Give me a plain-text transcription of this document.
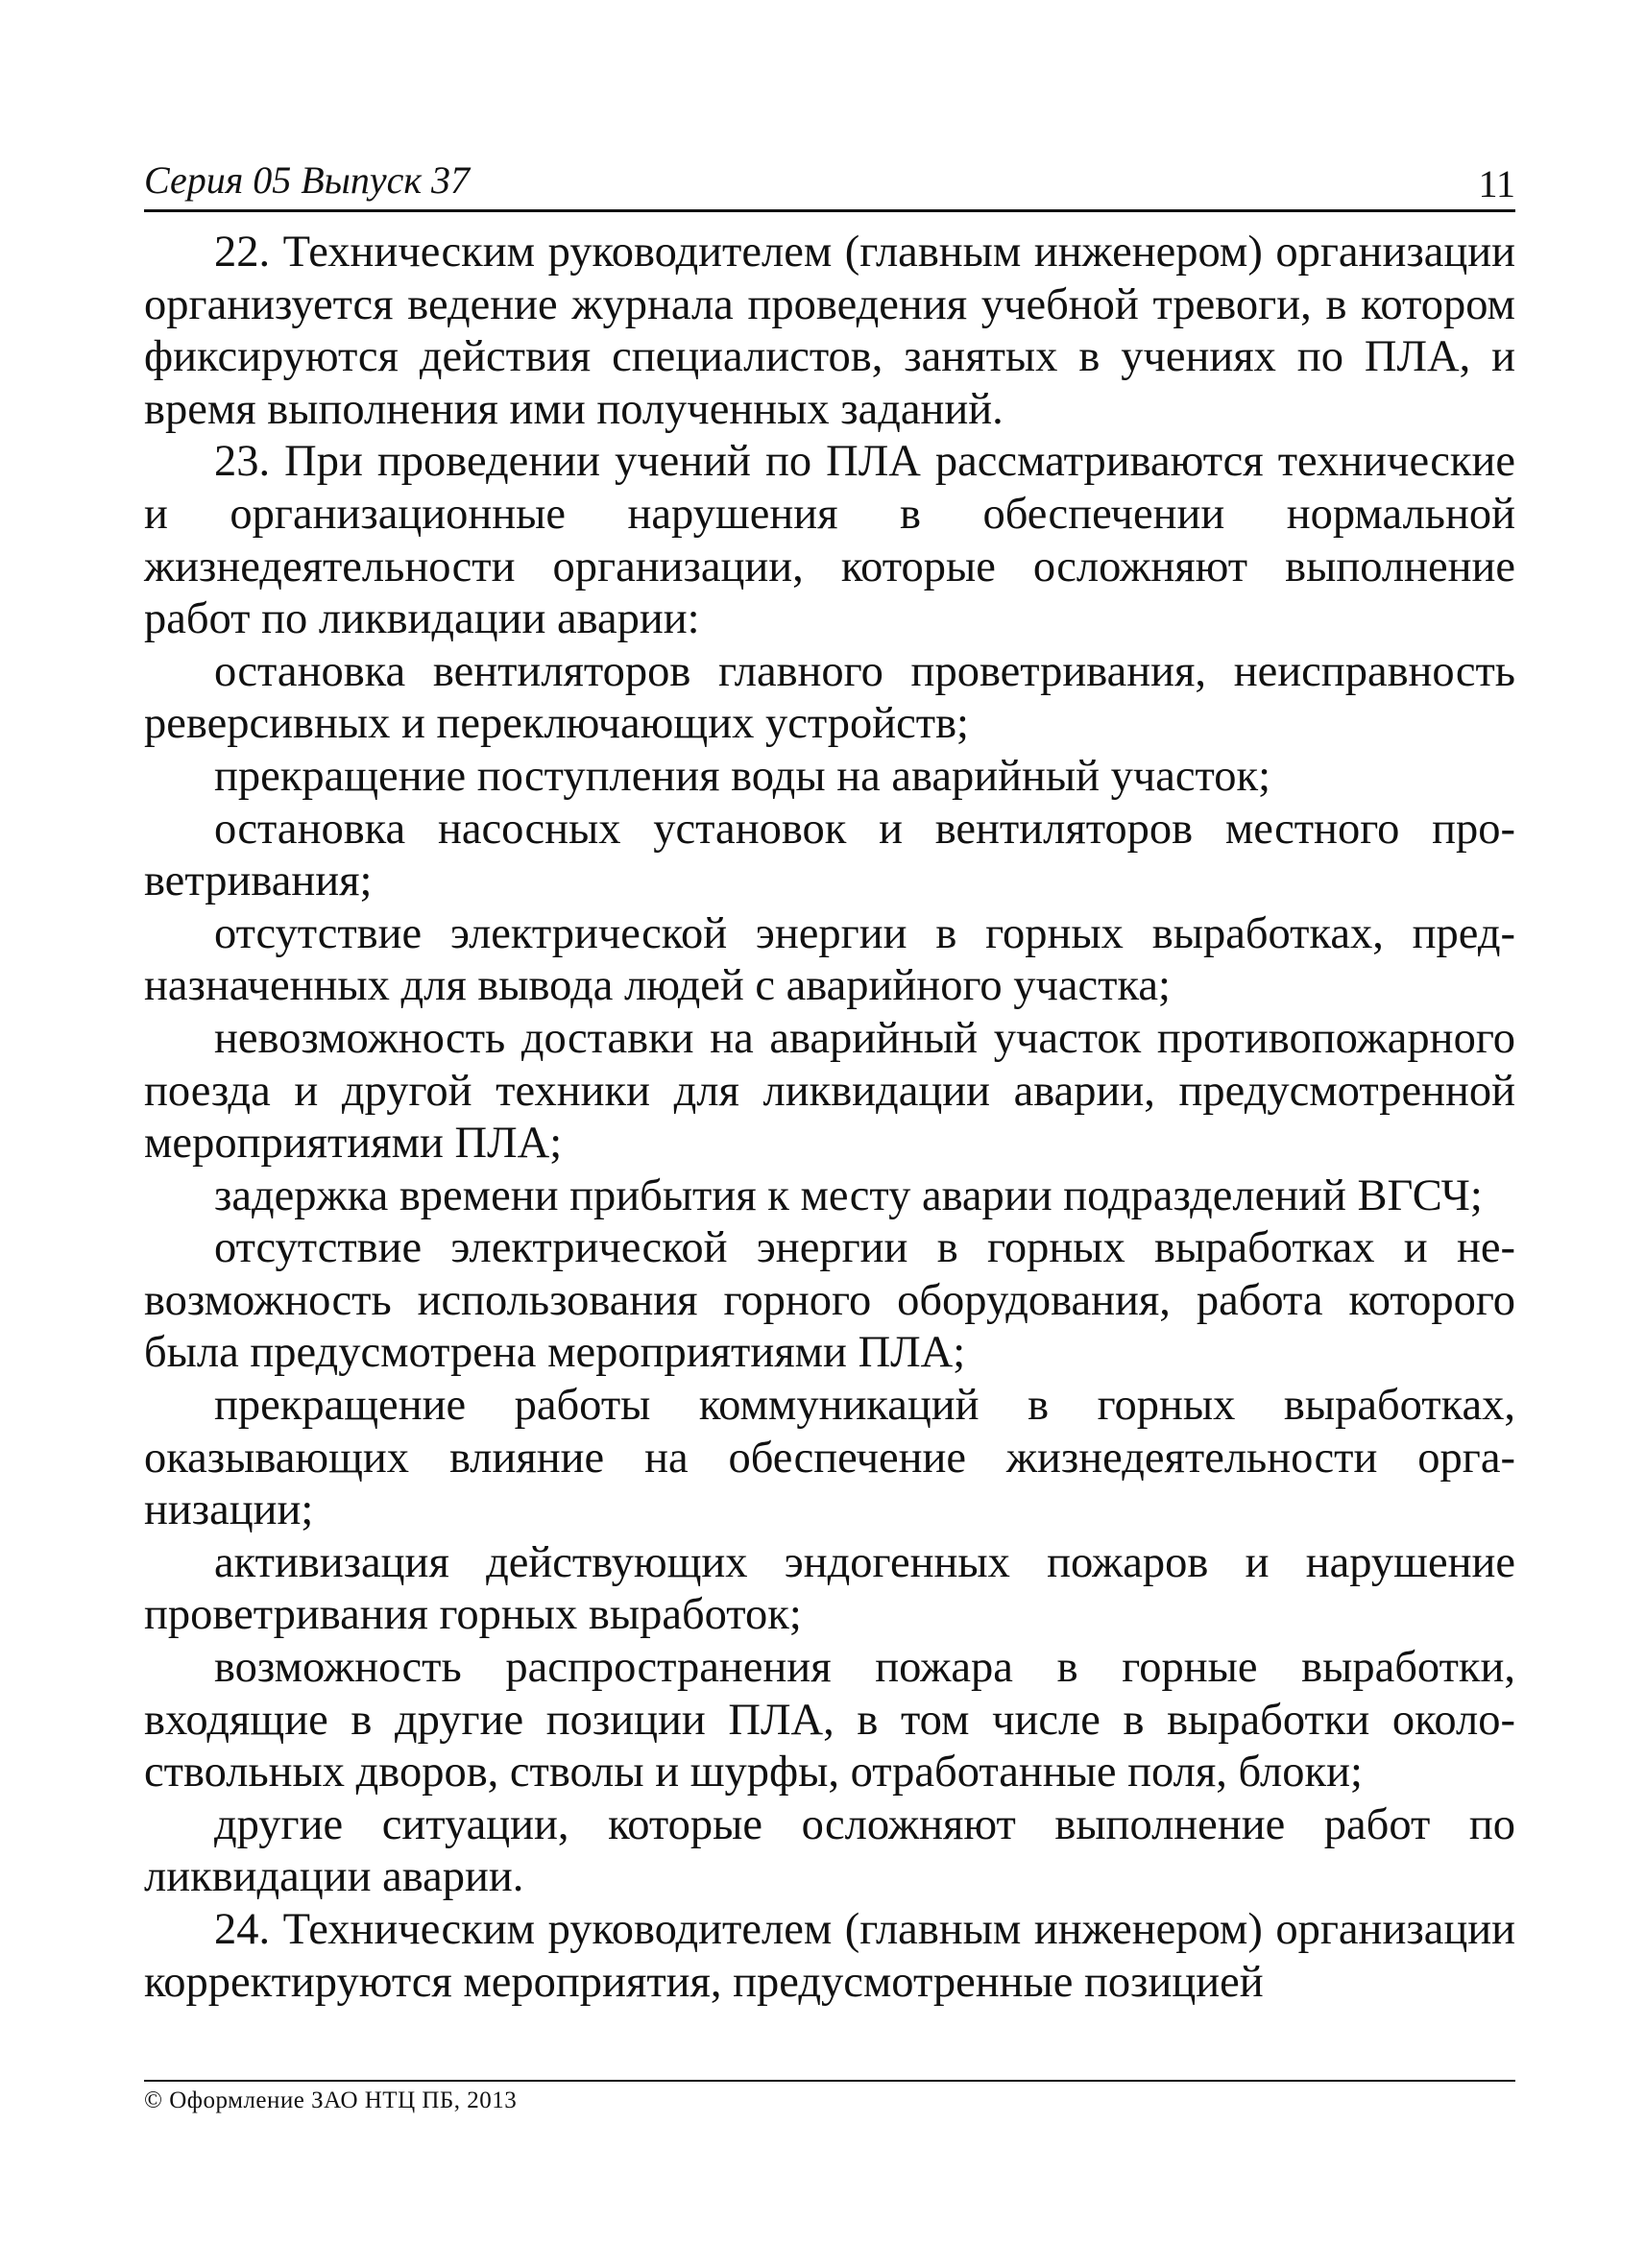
Серия 05 Выпуск 37	11

22. Техническим руководителем (главным инженером) организации организуется ведение журнала проведения учебной тревоги, в котором фиксируются действия специалистов, занятых в учениях по ПЛА, и время выполнения ими полученных заданий.

23. При проведении учений по ПЛА рассматриваются технические и организационные нарушения в обеспечении нормальной жизнедеятельности организации, которые осложняют выполнение работ по ликвидации аварии:

остановка вентиляторов главного проветривания, неисправность реверсивных и переключающих устройств;

прекращение поступления воды на аварийный участок;

остановка насосных установок и вентиляторов местного проветривания;

отсутствие электрической энергии в горных выработках, предназначенных для вывода людей с аварийного участка;

невозможность доставки на аварийный участок противопожарного поезда и другой техники для ликвидации аварии, предусмотренной мероприятиями ПЛА;

задержка времени прибытия к месту аварии подразделений ВГСЧ;

отсутствие электрической энергии в горных выработках и невозможность использования горного оборудования, работа которого была предусмотрена мероприятиями ПЛА;

прекращение работы коммуникаций в горных выработках, оказывающих влияние на обеспечение жизнедеятельности организации;

активизация действующих эндогенных пожаров и нарушение проветривания горных выработок;

возможность распространения пожара в горные выработки, входящие в другие позиции ПЛА, в том числе в выработки околоствольных дворов, стволы и шурфы, отработанные поля, блоки;

другие ситуации, которые осложняют выполнение работ по ликвидации аварии.

24. Техническим руководителем (главным инженером) организации корректируются мероприятия, предусмотренные позицией

© Оформление ЗАО НТЦ ПБ, 2013
